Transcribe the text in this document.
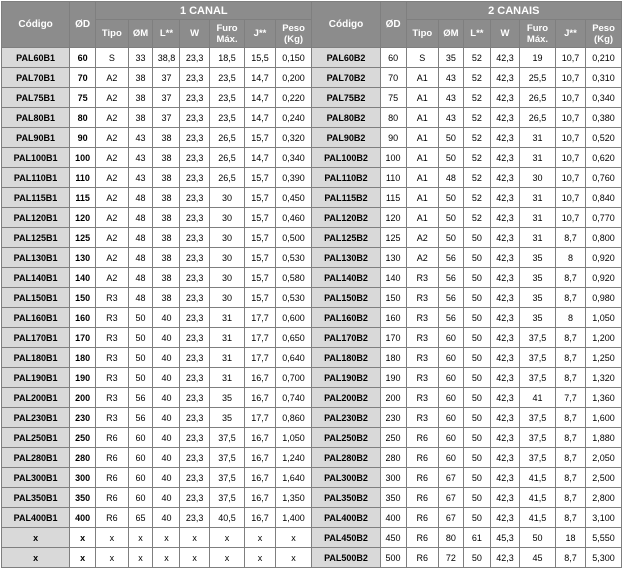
Código	ØD	1 CANAL							Código	ØD	2 CANAIS						
		Tipo	ØM	L**	W	Furo Máx.	J**	Peso (Kg)			Tipo	ØM	L**	W	Furo Máx.	J**	Peso (Kg)
PAL60B1	60	S	33	38,8	23,3	18,5	15,5	0,150	PAL60B2	60	S	35	52	42,3	19	10,7	0,210
PAL70B1	70	A2	38	37	23,3	23,5	14,7	0,200	PAL70B2	70	A1	43	52	42,3	25,5	10,7	0,310
PAL75B1	75	A2	38	37	23,3	23,5	14,7	0,220	PAL75B2	75	A1	43	52	42,3	26,5	10,7	0,340
PAL80B1	80	A2	38	37	23,3	23,5	14,7	0,240	PAL80B2	80	A1	43	52	42,3	26,5	10,7	0,380
PAL90B1	90	A2	43	38	23,3	26,5	15,7	0,320	PAL90B2	90	A1	50	52	42,3	31	10,7	0,520
PAL100B1	100	A2	43	38	23,3	26,5	14,7	0,340	PAL100B2	100	A1	50	52	42,3	31	10,7	0,620
PAL110B1	110	A2	43	38	23,3	26,5	15,7	0,390	PAL110B2	110	A1	48	52	42,3	30	10,7	0,760
PAL115B1	115	A2	48	38	23,3	30	15,7	0,450	PAL115B2	115	A1	50	52	42,3	31	10,7	0,840
PAL120B1	120	A2	48	38	23,3	30	15,7	0,460	PAL120B2	120	A1	50	52	42,3	31	10,7	0,770
PAL125B1	125	A2	48	38	23,3	30	15,7	0,500	PAL125B2	125	A2	50	50	42,3	31	8,7	0,800
PAL130B1	130	A2	48	38	23,3	30	15,7	0,530	PAL130B2	130	A2	56	50	42,3	35	8	0,920
PAL140B1	140	A2	48	38	23,3	30	15,7	0,580	PAL140B2	140	R3	56	50	42,3	35	8,7	0,920
PAL150B1	150	R3	48	38	23,3	30	15,7	0,530	PAL150B2	150	R3	56	50	42,3	35	8,7	0,980
PAL160B1	160	R3	50	40	23,3	31	17,7	0,600	PAL160B2	160	R3	56	50	42,3	35	8	1,050
PAL170B1	170	R3	50	40	23,3	31	17,7	0,650	PAL170B2	170	R3	60	50	42,3	37,5	8,7	1,200
PAL180B1	180	R3	50	40	23,3	31	17,7	0,640	PAL180B2	180	R3	60	50	42,3	37,5	8,7	1,250
PAL190B1	190	R3	50	40	23,3	31	16,7	0,700	PAL190B2	190	R3	60	50	42,3	37,5	8,7	1,320
PAL200B1	200	R3	56	40	23,3	35	16,7	0,740	PAL200B2	200	R3	60	50	42,3	41	7,7	1,360
PAL230B1	230	R3	56	40	23,3	35	17,7	0,860	PAL230B2	230	R3	60	50	42,3	37,5	8,7	1,600
PAL250B1	250	R6	60	40	23,3	37,5	16,7	1,050	PAL250B2	250	R6	60	50	42,3	37,5	8,7	1,880
PAL280B1	280	R6	60	40	23,3	37,5	16,7	1,240	PAL280B2	280	R6	60	50	42,3	37,5	8,7	2,050
PAL300B1	300	R6	60	40	23,3	37,5	16,7	1,640	PAL300B2	300	R6	67	50	42,3	41,5	8,7	2,500
PAL350B1	350	R6	60	40	23,3	37,5	16,7	1,350	PAL350B2	350	R6	67	50	42,3	41,5	8,7	2,800
PAL400B1	400	R6	65	40	23,3	40,5	16,7	1,400	PAL400B2	400	R6	67	50	42,3	41,5	8,7	3,100
x	x	x	x	x	x	x	x	x	PAL450B2	450	R6	80	61	45,3	50	18	5,550
x	x	x	x	x	x	x	x	x	PAL500B2	500	R6	72	50	42,3	45	8,7	5,300
